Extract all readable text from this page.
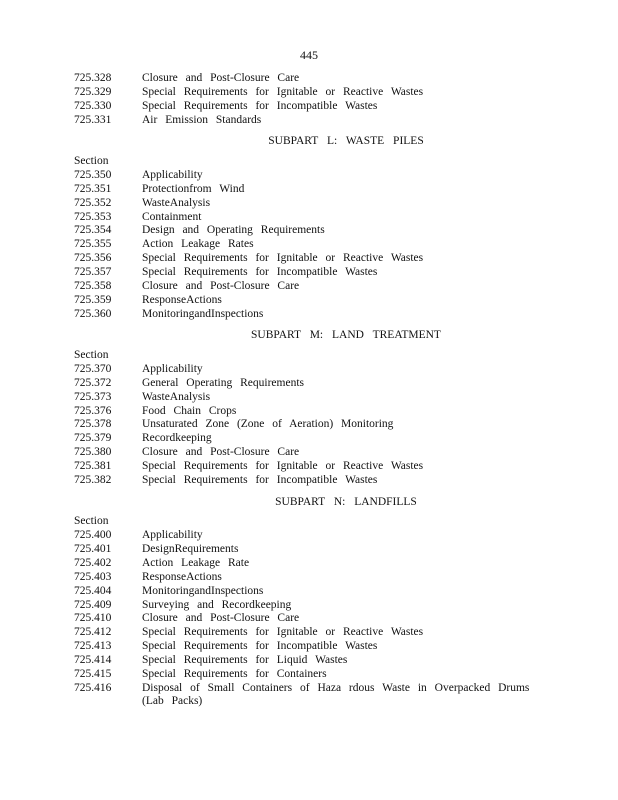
445
725.328	Closure and Post-Closure Care
725.329	Special Requirements for Ignitable or Reactive Wastes
725.330	Special Requirements for Incompatible Wastes
725.331	Air Emission Standards
SUBPART L: WASTE PILES
Section
725.350	Applicability
725.351	Protectionfrom Wind
725.352	WasteAnalysis
725.353	Containment
725.354	Design and Operating Requirements
725.355	Action Leakage Rates
725.356	Special Requirements for Ignitable or Reactive Wastes
725.357	Special Requirements for Incompatible Wastes
725.358	Closure and Post-Closure Care
725.359	ResponseActions
725.360	MonitoringandInspections
SUBPART M: LAND TREATMENT
Section
725.370	Applicability
725.372	General Operating Requirements
725.373	WasteAnalysis
725.376	Food Chain Crops
725.378	Unsaturated Zone (Zone of Aeration) Monitoring
725.379	Recordkeeping
725.380	Closure and Post-Closure Care
725.381	Special Requirements for Ignitable or Reactive Wastes
725.382	Special Requirements for Incompatible Wastes
SUBPART N: LANDFILLS
Section
725.400	Applicability
725.401	DesignRequirements
725.402	Action Leakage Rate
725.403	ResponseActions
725.404	MonitoringandInspections
725.409	Surveying and Recordkeeping
725.410	Closure and Post-Closure Care
725.412	Special Requirements for Ignitable or Reactive Wastes
725.413	Special Requirements for Incompatible Wastes
725.414	Special Requirements for Liquid Wastes
725.415	Special Requirements for Containers
725.416	Disposal of Small Containers of Haza rdous Waste in Overpacked Drums (Lab Packs)
